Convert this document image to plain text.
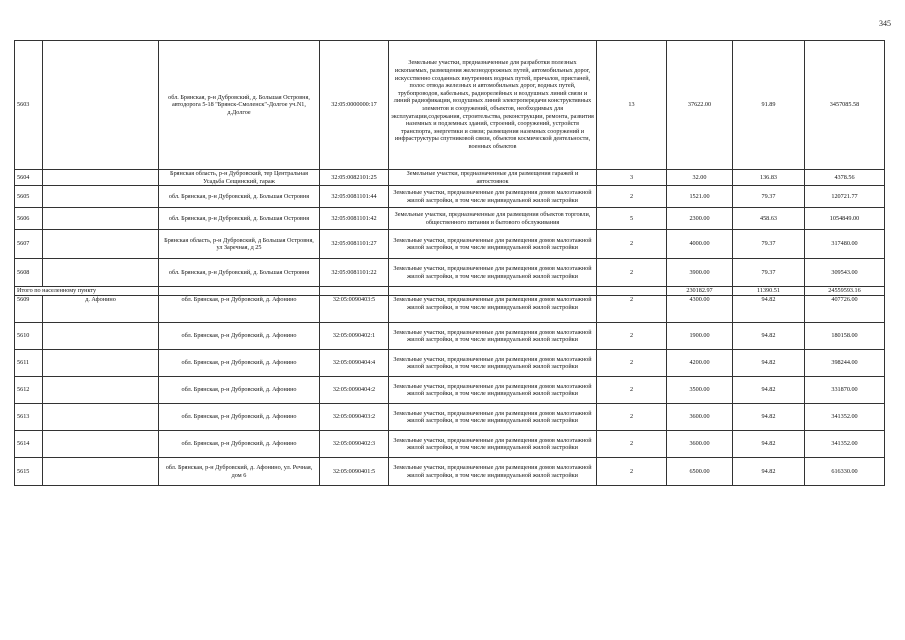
345
5603		обл. Брянская, р-н Дубровский, д. Большая Островня, автодорога 5-18 "Брянск-Смоленск"-Долгое уч.N1, д.Долгое	32:05:0000000:17	Земельные участки, предназначенные для разработки полезных ископаемых, размещения железнодорожных путей, автомобильных дорог, искусственно созданных внутренних водных путей, причалов, пристаней, полос отвода железных и автомобильных дорог, водных путей, трубопроводов, кабельных, радиорелейных и воздушных линий связи и линий радиофикации, воздушных линий электропередачи конструктивных элементов и сооружений, объектов, необходимых для эксплуатации,содержания, строительства, реконструкции, ремонта, развития наземных и подземных зданий, строений, сооружений, устройств транспорта, энергетики и связи; размещения наземных сооружений и инфраструктуры спутниковой связи, объектов космической деятельности, военных объектов	13	37622.00	91.89	3457085.58
5604		Брянская область, р-н Дубровский, тер Центральная Усадьба Сещинский, гараж	32:05:0082101:25	Земельные участки, предназначенные для размещения гаражей и автостоянок	3	32.00	136.83	4378.56
5605		обл. Брянская, р-н Дубровский, д. Большая Островня	32:05:0081101:44	Земельные участки, предназначенные для размещения домов малоэтажной жилой застройки, в том числе индивидуальной жилой застройки	2	1521.00	79.37	120721.77
5606		обл. Брянская, р-н Дубровский, д. Большая Островня	32:05:0081101:42	Земельные участки, предназначенные для размещения объектов торговли, общественного питания и бытового обслуживания	5	2300.00	458.63	1054849.00
5607		Брянская область, р-н Дубровский, д Большая Островня, ул Заречная, д 25	32:05:0081101:27	Земельные участки, предназначенные для размещения домов малоэтажной жилой застройки, в том числе индивидуальной жилой застройки	2	4000.00	79.37	317480.00
5608		обл. Брянская, р-н Дубровский, д. Большая Островня	32:05:0081101:22	Земельные участки, предназначенные для размещения домов малоэтажной жилой застройки, в том числе индивидуальной жилой застройки	2	3900.00	79.37	309543.00
Итого по населенному пункту						230182.97	11390.51	24559593.16
5609	д. Афонино	обл. Брянская, р-н Дубровский, д. Афонино	32:05:0090403:5	Земельные участки, предназначенные для размещения домов малоэтажной жилой застройки, в том числе индивидуальной жилой застройки	2	4300.00	94.82	407726.00
5610		обл. Брянская, р-н Дубровский, д. Афонино	32:05:0090402:1	Земельные участки, предназначенные для размещения домов малоэтажной жилой застройки, в том числе индивидуальной жилой застройки	2	1900.00	94.82	180158.00
5611		обл. Брянская, р-н Дубровский, д. Афонино	32:05:0090404:4	Земельные участки, предназначенные для размещения домов малоэтажной жилой застройки, в том числе индивидуальной жилой застройки	2	4200.00	94.82	398244.00
5612		обл. Брянская, р-н Дубровский, д. Афонино	32:05:0090404:2	Земельные участки, предназначенные для размещения домов малоэтажной жилой застройки, в том числе индивидуальной жилой застройки	2	3500.00	94.82	331870.00
5613		обл. Брянская, р-н Дубровский, д. Афонино	32:05:0090403:2	Земельные участки, предназначенные для размещения домов малоэтажной жилой застройки, в том числе индивидуальной жилой застройки	2	3600.00	94.82	341352.00
5614		обл. Брянская, р-н Дубровский, д. Афонино	32:05:0090402:3	Земельные участки, предназначенные для размещения домов малоэтажной жилой застройки, в том числе индивидуальной жилой застройки	2	3600.00	94.82	341352.00
5615		обл. Брянская, р-н Дубровский, д. Афонино, ул. Речная, дом 6	32:05:0090401:5	Земельные участки, предназначенные для размещения домов малоэтажной жилой застройки, в том числе индивидуальной жилой застройки	2	6500.00	94.82	616330.00
